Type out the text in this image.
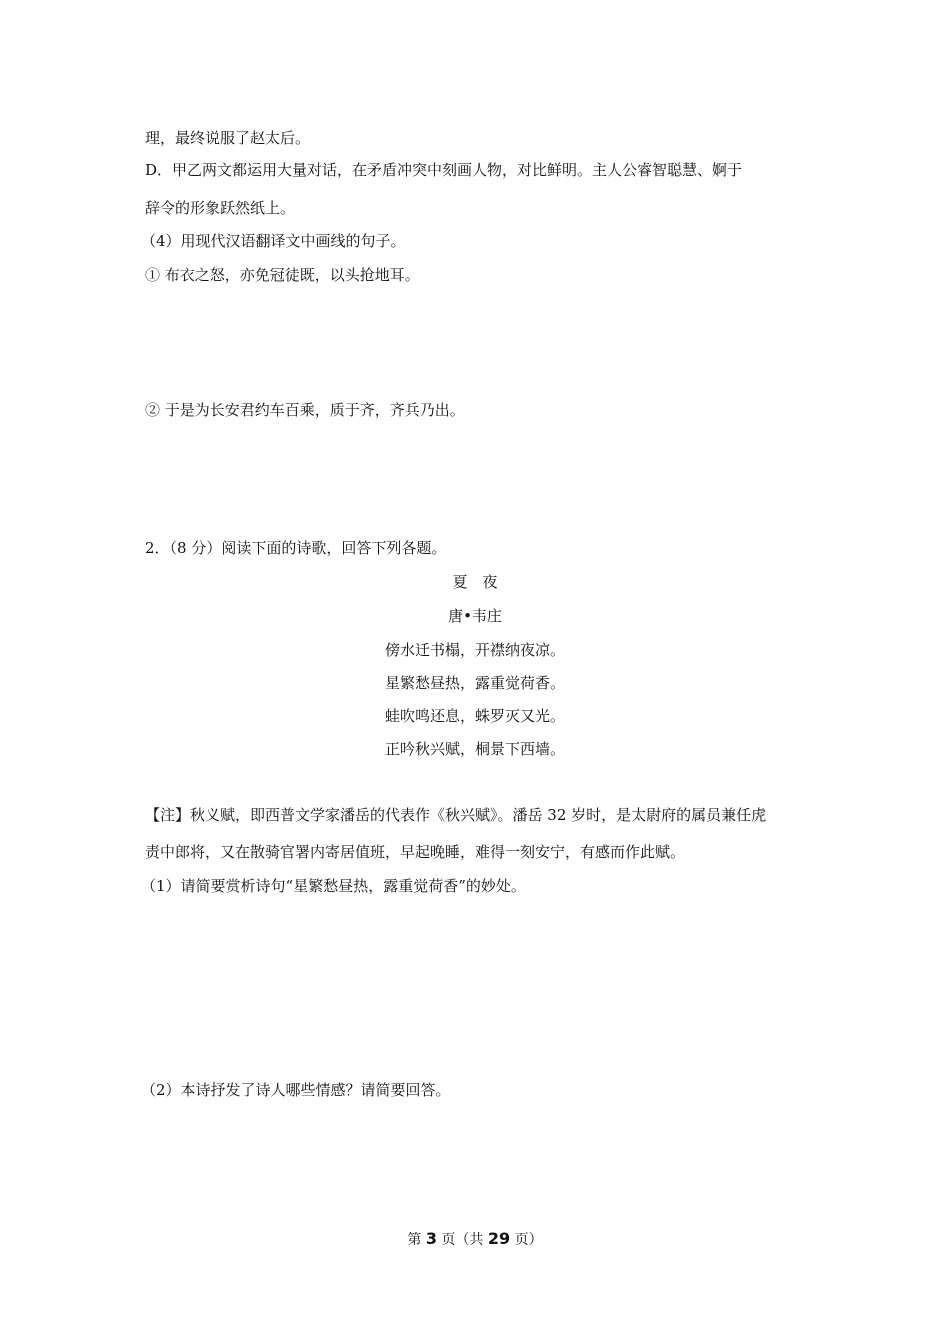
理，最终说服了赵太后。
D．甲乙两文都运用大量对话，在矛盾冲突中刻画人物，对比鲜明。主人公睿智聪慧、婀于
辞令的形象跃然纸上。
（4）用现代汉语翻译文中画线的句子。
① 布衣之怒，亦免冠徒既，以头抢地耳。
② 于是为长安君约车百乘，质于齐，齐兵乃出。
2．（8 分）阅读下面的诗歌，回答下列各题。
夏　夜
唐•韦庄
傍水迁书榻，开襟纳夜凉。
星繁愁昼热，露重觉荷香。
蛙吹鸣还息，蛛罗灭又光。
正吟秋兴赋，桐景下西墙。
【注】秋义赋，即西普文学家潘岳的代表作《秋兴赋》。潘岳 32 岁时，是太尉府的属员兼任虎
责中郎将，又在散骑官署内寄居值班，早起晚睡，难得一刻安宁，有感而作此赋。
（1）请简要赏析诗句“星繁愁昼热，露重觉荷香”的妙处。
（2）本诗抒发了诗人哪些情感？请简要回答。
第 3 页（共 29 页）
